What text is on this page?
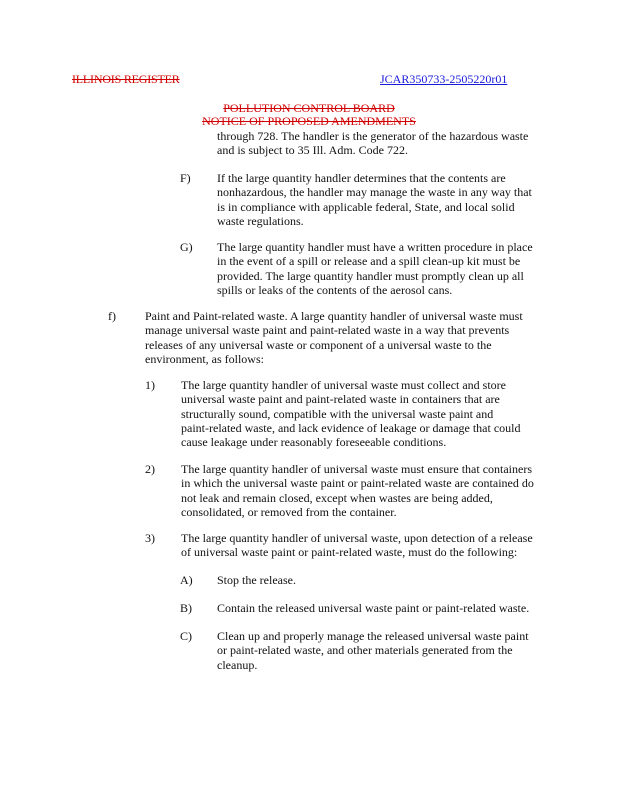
ILLINOIS REGISTER	JCAR350733-2505220r01
POLLUTION CONTROL BOARD
NOTICE OF PROPOSED AMENDMENTS
through 728. The handler is the generator of the hazardous waste
and is subject to 35 Ill. Adm. Code 722.
F) If the large quantity handler determines that the contents are
nonhazardous, the handler may manage the waste in any way that
is in compliance with applicable federal, State, and local solid
waste regulations.
G) The large quantity handler must have a written procedure in place
in the event of a spill or release and a spill clean-up kit must be
provided. The large quantity handler must promptly clean up all
spills or leaks of the contents of the aerosol cans.
f) Paint and Paint-related waste. A large quantity handler of universal waste must
manage universal waste paint and paint-related waste in a way that prevents
releases of any universal waste or component of a universal waste to the
environment, as follows:
1) The large quantity handler of universal waste must collect and store
universal waste paint and paint-related waste in containers that are
structurally sound, compatible with the universal waste paint and
paint-related waste, and lack evidence of leakage or damage that could
cause leakage under reasonably foreseeable conditions.
2) The large quantity handler of universal waste must ensure that containers
in which the universal waste paint or paint-related waste are contained do
not leak and remain closed, except when wastes are being added,
consolidated, or removed from the container.
3) The large quantity handler of universal waste, upon detection of a release
of universal waste paint or paint-related waste, must do the following:
A) Stop the release.
B) Contain the released universal waste paint or paint-related waste.
C) Clean up and properly manage the released universal waste paint
or paint-related waste, and other materials generated from the
cleanup.
